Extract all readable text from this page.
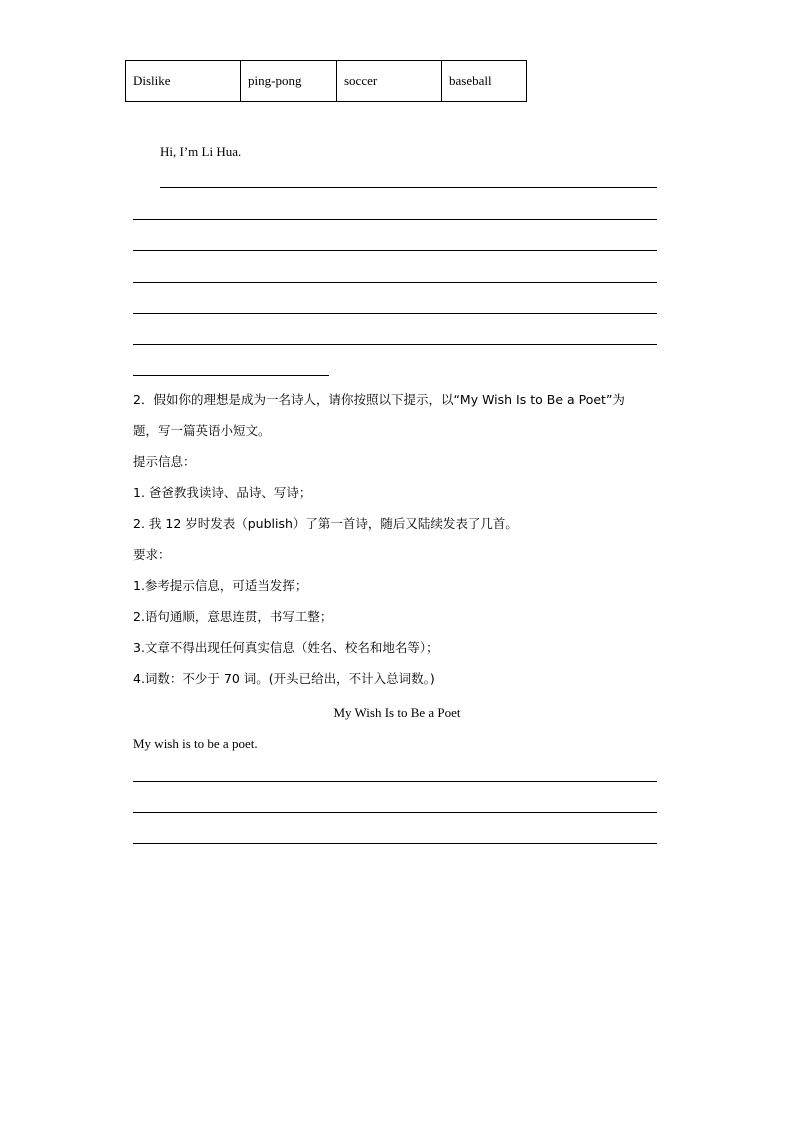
Dislike	ping-pong	soccer	baseball
Hi, I’m Li Hua.
2．假如你的理想是成为一名诗人，请你按照以下提示，以“My Wish Is to Be a Poet”为
题，写一篇英语小短文。
提示信息：
1. 爸爸教我读诗、品诗、写诗；
2. 我 12 岁时发表（publish）了第一首诗，随后又陆续发表了几首。
要求：
1.参考提示信息，可适当发挥；
2.语句通顺，意思连贯，书写工整；
3.文章不得出现任何真实信息（姓名、校名和地名等）；
4.词数：不少于 70 词。(开头已给出，不计入总词数。)
My Wish Is to Be a Poet
My wish is to be a poet.
